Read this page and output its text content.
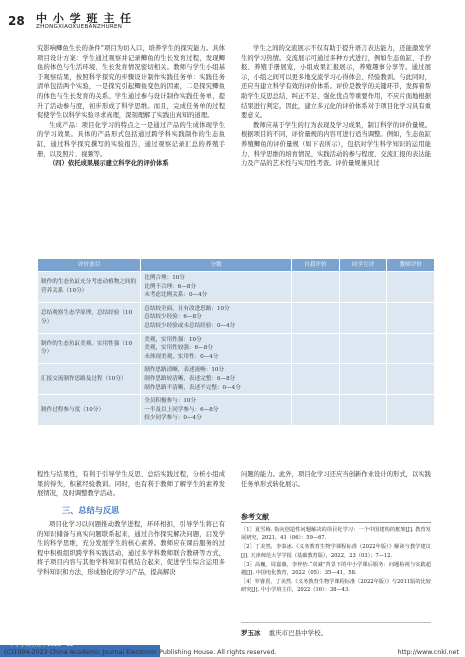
28 中 小 学 班 主 任
ZHONGXIAOXUEBANZHUREN

究影响鲫鱼生长的条件”项目为切入口，培养学生的探究能力。具体项目设计方案：学生通过观察并记录鲫鱼的生长发育过程，发现鲫鱼的体色与生活环境、生长发育情况密切相关。教师与学生小组基于观察结果，按照科学探究的步骤设计制作实践任务单：实践任务清单包括两个实验，一是探究引起鲫鱼变色的因素，二是探究鲫鱼的体色与生长发育的关系。学生通过参与设计制作实践任务单，提升了活动参与度，初步形成了科学思维。而且，完成任务单的过程促使学生以科学实验寻求真理，深刻理解了实践出真知的道理。

生成产品：项目化学习的特点之一是通过产品的生成体现学生的学习效果。具体的产品形式包括通过跨学科实践制作的生态鱼缸，通过科学探究撰写的实验报告，通过观察记录汇总的养殖手册，以及照片、视频等。

（四）依托成果展示建立科学化的评价体系

学生之间的交流展示不仅有助于提升语言表达能力，还能激发学生的学习热情。交流展示可通过多种方式进行，例如生态鱼缸、手抄报、养殖手册展览，小组成果汇报展示，养殖趣事分享等。通过展示，小组之间可以更多地交流学习心得体会、经验教训。与此同时，还应当建立科学有效的评价体系。评价是教学的关键环节，发挥着帮助学生反思总结、纠正不足、强化优点等重要作用，不应片面地根据结果进行判定。因此，建立多元化的评价体系对于项目化学习具有重要意义。

教师应基于学生的行为表现及学习成果，制订科学的评价量规。根据项目的不同，评价量规的内容可进行适当调整。例如，生态鱼缸养殖鲫鱼的评价量规（如下表所示），包括对学生科学知识的运用能力、科学思维的培育情况、实践活动的参与程度、交流汇报的表达能力及产品的艺术性与实用性考查。评价量规兼具过

评价条目	分数	自我评价	同学互评	教师评价
制作的生态鱼缸充分考虑动植物之间的营养关系（10分）	比例合理：10分
比例不合理：6—8分
未考虑比例关系：0—4分			

总结观察生态学原理，总结经验（10分）	总结较全面，且有改进思路：10分
总结较少经验：6—8分
总结较少经验或未总结经验：0—4分			

制作的生态鱼缸美观、实用性强（10分）	美观，实用性强：10分
美观，实用性较强：6—8分
未体现美观，实用性：0—4分			

汇报交流制作思路及过程（10分）	制作思路清晰，表述流畅：10分
制作思路较清晰，表述完整：6—8分
制作思路不清晰，表述不完整：0—4分			

制作过程参与度（10分）	全员积极参与：10分
一半及以上同学参与：6—8分
较少同学参与：0—4分			

程性与结果性，有利于引导学生反思、总结实践过程，分析小组成果的得失，积累经验教训。同时，也有利于教师了解学生的素养发展情况，及时调整教学活动。

问题的能力。此外，项目化学习还应当创新作业设计的形式，以实践任务单形式转化展示。

三、总结与反思

项目化学习以问题推动教学进程，环环相扣，引导学生将已有的知识储备与真实问题联系起来，通过合作探究解决问题，启发学生的科学思维，充分发展学生的核心素养。教师应在课后服务的过程中积极组织跨学科实践活动，通过多学科教师联合教研等方式，将子项目内容与其他学科知识有机结合起来，促进学生综合运用多学科知识和方法，形成独化的学习产品，提高解决

参考文献
［1］夏雪梅. 指向创造性问题解决的项目化学习：一个中国建构的框架[J]. 教育发展研究，2021，41（06）：59—67.
［2］丁美然，李秦冰.《义务教育生物学课程标准（2022年版）》解读与教学建议[J]. 天津师范大学学报（基础教育版），2022，23（03）：7—12.
［3］高巍，周嘉薇，李梓怡.“双减”背景下的中小学课后服务：问题检视与实践超越[J]. 中国电化教育，2022（05）：35—41，58.
［4］罗睿熹，丁美然.《义务教育生物学课程标准（2022年版）》与2011版的比较研究[J]. 中小学班主任，2022（16）：38—43.
罗玉冰 重庆市巴县中学校。
中小学班主任 / 2022 · 22
(C)1994-2023 China Academic Journal Electronic Publishing House. All rights reserved.	http://www.cnki.net
